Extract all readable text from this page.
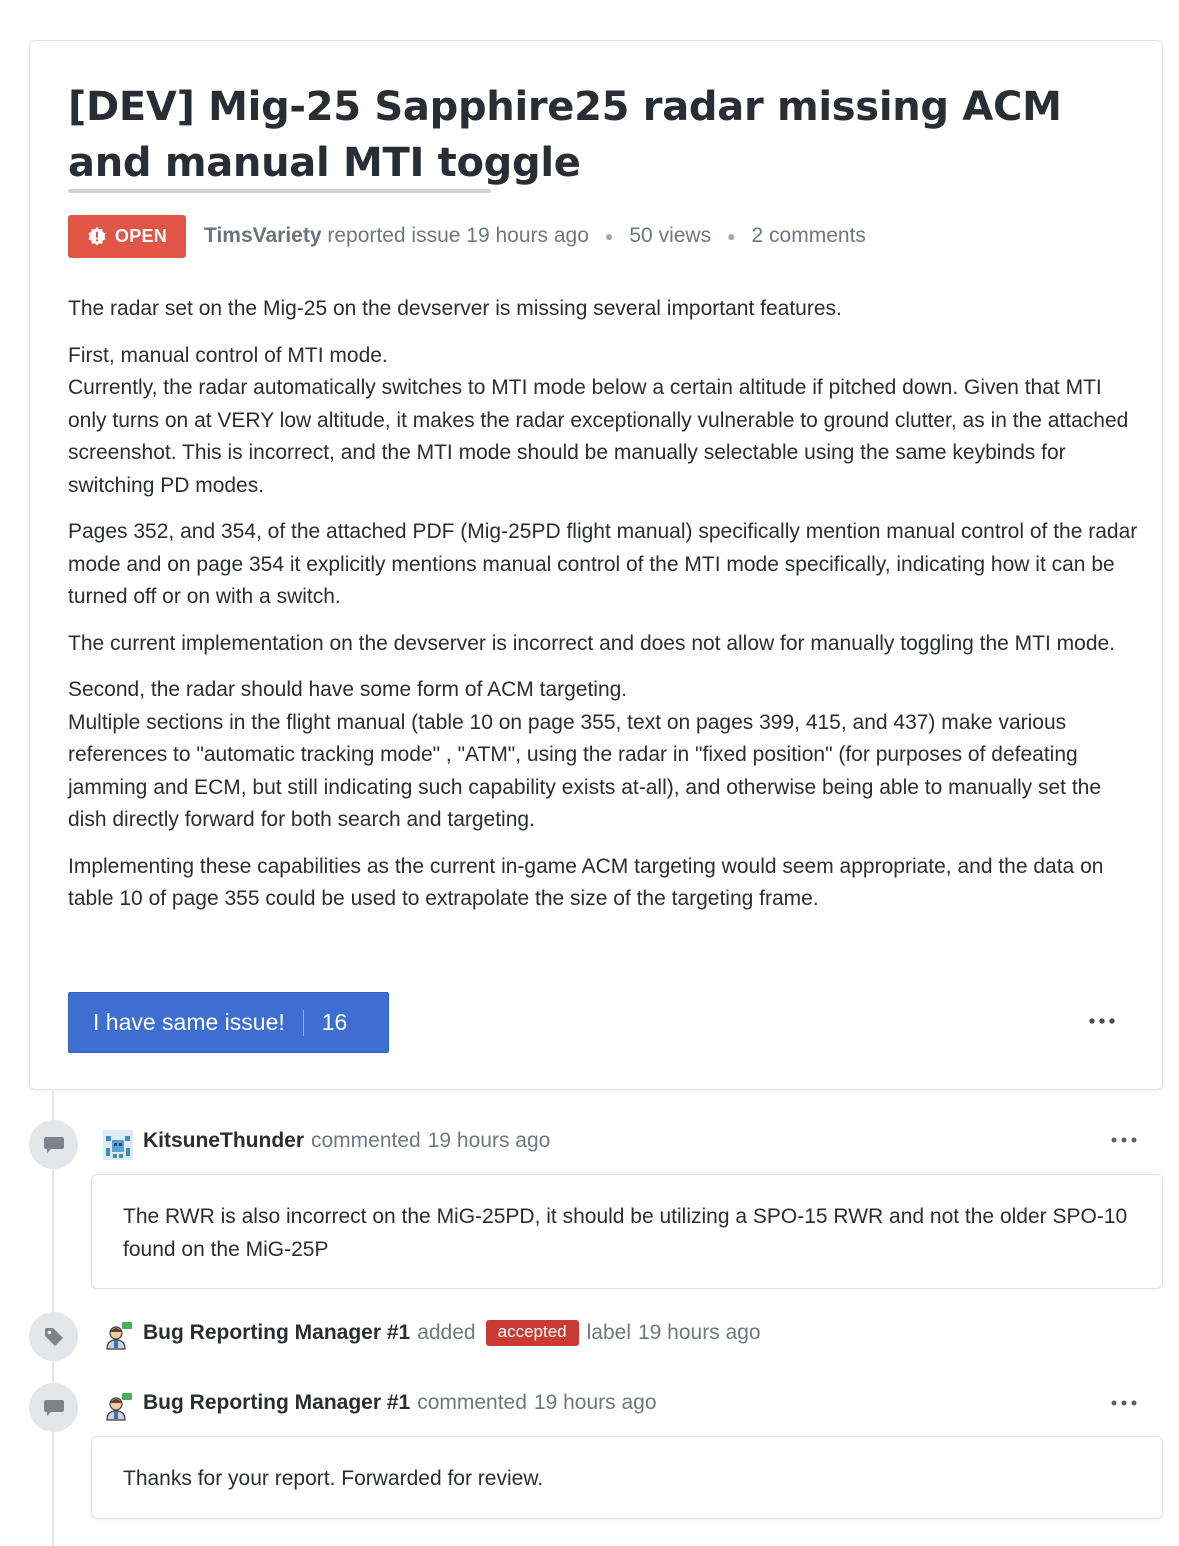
[DEV] Mig-25 Sapphire25 radar missing ACM and manual MTI toggle
OPEN TimsVariety reported issue 19 hours ago ● 50 views ● 2 comments

The radar set on the Mig-25 on the devserver is missing several important features.

First, manual control of MTI mode.
Currently, the radar automatically switches to MTI mode below a certain altitude if pitched down. Given that MTI only turns on at VERY low altitude, it makes the radar exceptionally vulnerable to ground clutter, as in the attached screenshot. This is incorrect, and the MTI mode should be manually selectable using the same keybinds for switching PD modes.

Pages 352, and 354, of the attached PDF (Mig-25PD flight manual) specifically mention manual control of the radar mode and on page 354 it explicitly mentions manual control of the MTI mode specifically, indicating how it can be turned off or on with a switch.

The current implementation on the devserver is incorrect and does not allow for manually toggling the MTI mode.

Second, the radar should have some form of ACM targeting.
Multiple sections in the flight manual (table 10 on page 355, text on pages 399, 415, and 437) make various references to "automatic tracking mode" , "ATM", using the radar in "fixed position" (for purposes of defeating jamming and ECM, but still indicating such capability exists at-all), and otherwise being able to manually set the dish directly forward for both search and targeting.

Implementing these capabilities as the current in-game ACM targeting would seem appropriate, and the data on table 10 of page 355 could be used to extrapolate the size of the targeting frame.

I have same issue! 16
KitsuneThunder commented 19 hours ago
The RWR is also incorrect on the MiG-25PD, it should be utilizing a SPO-15 RWR and not the older SPO-10 found on the MiG-25P
Bug Reporting Manager #1 added	accepted label 19 hours ago
Bug Reporting Manager #1 commented 19 hours ago
Thanks for your report. Forwarded for review.
